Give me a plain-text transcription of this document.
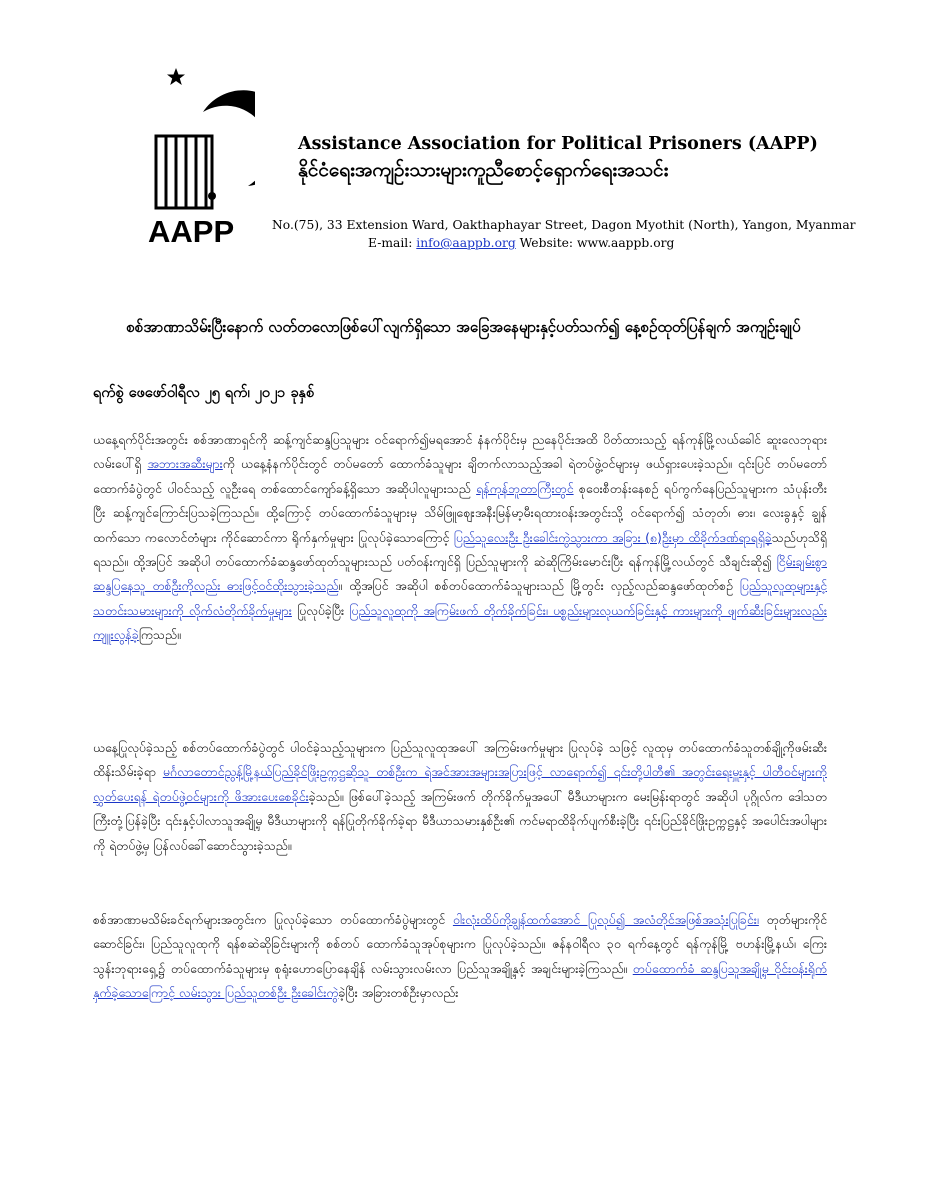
AAPP
Assistance Association for Political Prisoners (AAPP)
နိုင်ငံရေးအကျဉ်းသားများကူညီစောင့်ရှောက်ရေးအသင်း
No.(75), 33 Extension Ward, Oakthaphayar Street, Dagon Myothit (North), Yangon, Myanmar
E-mail: info@aappb.org Website: www.aappb.org
စစ်အာဏာသိမ်းပြီးနောက် လတ်တလောဖြစ်ပေါ်လျက်ရှိသော အခြေအနေများနှင့်ပတ်သက်၍ နေ့စဉ်ထုတ်ပြန်ချက် အကျဉ်းချုပ်
ရက်စွဲ ဖေဖော်ဝါရီလ ၂၅ ရက်၊ ၂၀၂၁ ခုနှစ်
ယနေ့ရက်ပိုင်းအတွင်း စစ်အာဏာရှင်ကို ဆန့်ကျင်ဆန္ဒပြသူများ ဝင်ရောက်၍မရအောင် နံနက်ပိုင်းမှ ညနေပိုင်းအထိ ပိတ်ထားသည့် ရန်ကုန်မြို့လယ်ခေါင် ဆူးလေဘုရားလမ်းပေါ်ရှိ အဘားအဆီးများကို ယနေ့နံနက်ပိုင်းတွင် တပ်မတော် ထောက်ခံသူများ ချိတက်လာသည့်အခါ ရဲတပ်ဖွဲ့ဝင်များမှ ဖယ်ရှားပေးခဲ့သည်။ ၎င်းပြင် တပ်မတော်ထောက်ခံပွဲတွင် ပါဝင်သည့် လူဦးရေ တစ်ထောင်ကျော်ခန့်ရှိသော အဆိုပါလူများသည် ရန်ကုန်ဘူတာကြီးတွင် စုဝေးစီတန်းနေစဉ် ရပ်ကွက်နေပြည်သူများက သံပုန်းတီးပြီး ဆန့်ကျင်ကြောင်းပြသခဲ့ကြသည်။ ထို့ကြောင့် တပ်ထောက်ခံသူများမှ သိမ်ဖြူဈေးအနီးမြန်မာ့မီးရထားဝန်းအတွင်းသို့ ဝင်ရောက်၍ သံတုတ်၊ ဓား၊ လေးခွနှင့် ချွန်ထက်သော ကလောင်တံများ ကိုင်ဆောင်ကာ ရိုက်နှက်မှုများ ပြုလုပ်ခဲ့သောကြောင့် ပြည်သူလေးဦး ဦးခေါင်းကွဲသွားကာ အခြား (၈)ဦးမှာ ထိခိုက်ဒဏ်ရာရရှိခဲ့သည်ဟုသိရှိရသည်။ ထို့အပြင် အဆိုပါ တပ်ထောက်ခံဆန္ဒဖော်ထုတ်သူများသည် ပတ်ဝန်းကျင်ရှိ ပြည်သူများကို ဆဲဆိုကြိမ်းမောင်းပြီး ရန်ကုန်မြို့လယ်တွင် သီချင်းဆို၍ ငြိမ်းချမ်းစွာ ဆန္ဒပြနေသူ တစ်ဦးကိုလည်း ဓားဖြင့်ဝင်ထိုးသွားခဲ့သည်။ ထို့အပြင် အဆိုပါ စစ်တပ်ထောက်ခံသူများသည် မြို့တွင်း လှည့်လည်ဆန္ဒဖော်ထုတ်စဉ် ပြည်သူလူထုများနှင့် သတင်းသမားများကို လိုက်လံတိုက်ခိုက်မှုများ ပြုလုပ်ခဲ့ပြီး ပြည်သူလူထုကို အကြမ်းဖက် တိုက်ခိုက်ခြင်း၊ ပစ္စည်းများလုယက်ခြင်းနှင့် ကားများကို ဖျက်ဆီးခြင်းများလည်း ကျူးလွန်ခဲ့ကြသည်။
ယနေ့ပြုလုပ်ခဲ့သည့် စစ်တပ်ထောက်ခံပွဲတွင် ပါဝင်ခဲ့သည့်သူများက ပြည်သူလူထုအပေါ် အကြမ်းဖက်မှုများ ပြုလုပ်ခဲ့ သဖြင့် လူထုမှ တပ်ထောက်ခံသူတစ်ချို့ကိုဖမ်းဆီးထိန်းသိမ်းခဲ့ရာ မင်္ဂလာတောင်ညွန့်မြို့နယ်ပြည်ခိုင်ဖြိုးဥက္ကဋ္ဌဆိုသူ တစ်ဦးက ရဲအင်အားအများအပြားဖြင့် လာရောက်၍ ၎င်းတို့ပါတီ၏ အတွင်းရေးမှူးနှင့် ပါတီဝင်များကို လွှတ်ပေးရန် ရဲတပ်ဖွဲ့ဝင်များကို ဖိအားပေးစေခိုင်းခဲ့သည်။ ဖြစ်ပေါ်ခဲ့သည့် အကြမ်းဖက် တိုက်ခိုက်မှုအပေါ် မီဒီယာများက မေးမြန်းရာတွင် အဆိုပါ ပုဂ္ဂိုလ်က ဒေါသတကြီးတုံ့ပြန်ခဲ့ပြီး ၎င်းနှင့်ပါလာသူအချို့မှ မီဒီယာများကို ရန်ပြုတိုက်ခိုက်ခဲ့ရာ မီဒီယာသမားနှစ်ဦး၏ ကင်မရာထိခိုက်ပျက်စီးခဲ့ပြီး ၎င်းပြည်ခိုင်ဖြိုးဥက္ကဋ္ဌနှင့် အပေါင်းအပါများကို ရဲတပ်ဖွဲ့မှ ပြန်လပ်ခေါ်ဆောင်သွားခဲ့သည်။
စစ်အာဏာမသိမ်းခင်ရက်များအတွင်းက ပြုလုပ်ခဲ့သော တပ်ထောက်ခံပွဲများတွင် ဝါးလုံးထိပ်ကိုချွန်ထက်အောင် ပြုလုပ်၍ အလံတိုင်အဖြစ်အသုံးပြုခြင်း၊ တုတ်များကိုင်ဆောင်ခြင်း၊ ပြည်သူလူထုကို ရန်စဆဲဆိုခြင်းများကို စစ်တပ် ထောက်ခံသူအုပ်စုများက ပြုလုပ်ခဲ့သည်။ ဇန်နဝါရီလ ၃၀ ရက်နေ့တွင် ရန်ကုန်မြို့ ဗဟန်းမြို့နယ်၊ ကြေးသွန်းဘုရားရှေ့၌ တပ်ထောက်ခံသူများမှ စုရုံးဟောပြောနေချိန် လမ်းသွားလမ်းလာ ပြည်သူအချို့နှင့် အချင်းများခဲ့ကြသည်။ တပ်ထောက်ခံ ဆန္ဒပြသူအချို့မှ ဝိုင်းဝန်းရိုက်နှက်ခဲ့သောကြောင့် လမ်းသွား ပြည်သူတစ်ဦး ဦးခေါင်းကွဲခဲ့ပြီး အခြားတစ်ဦးမှာလည်း
